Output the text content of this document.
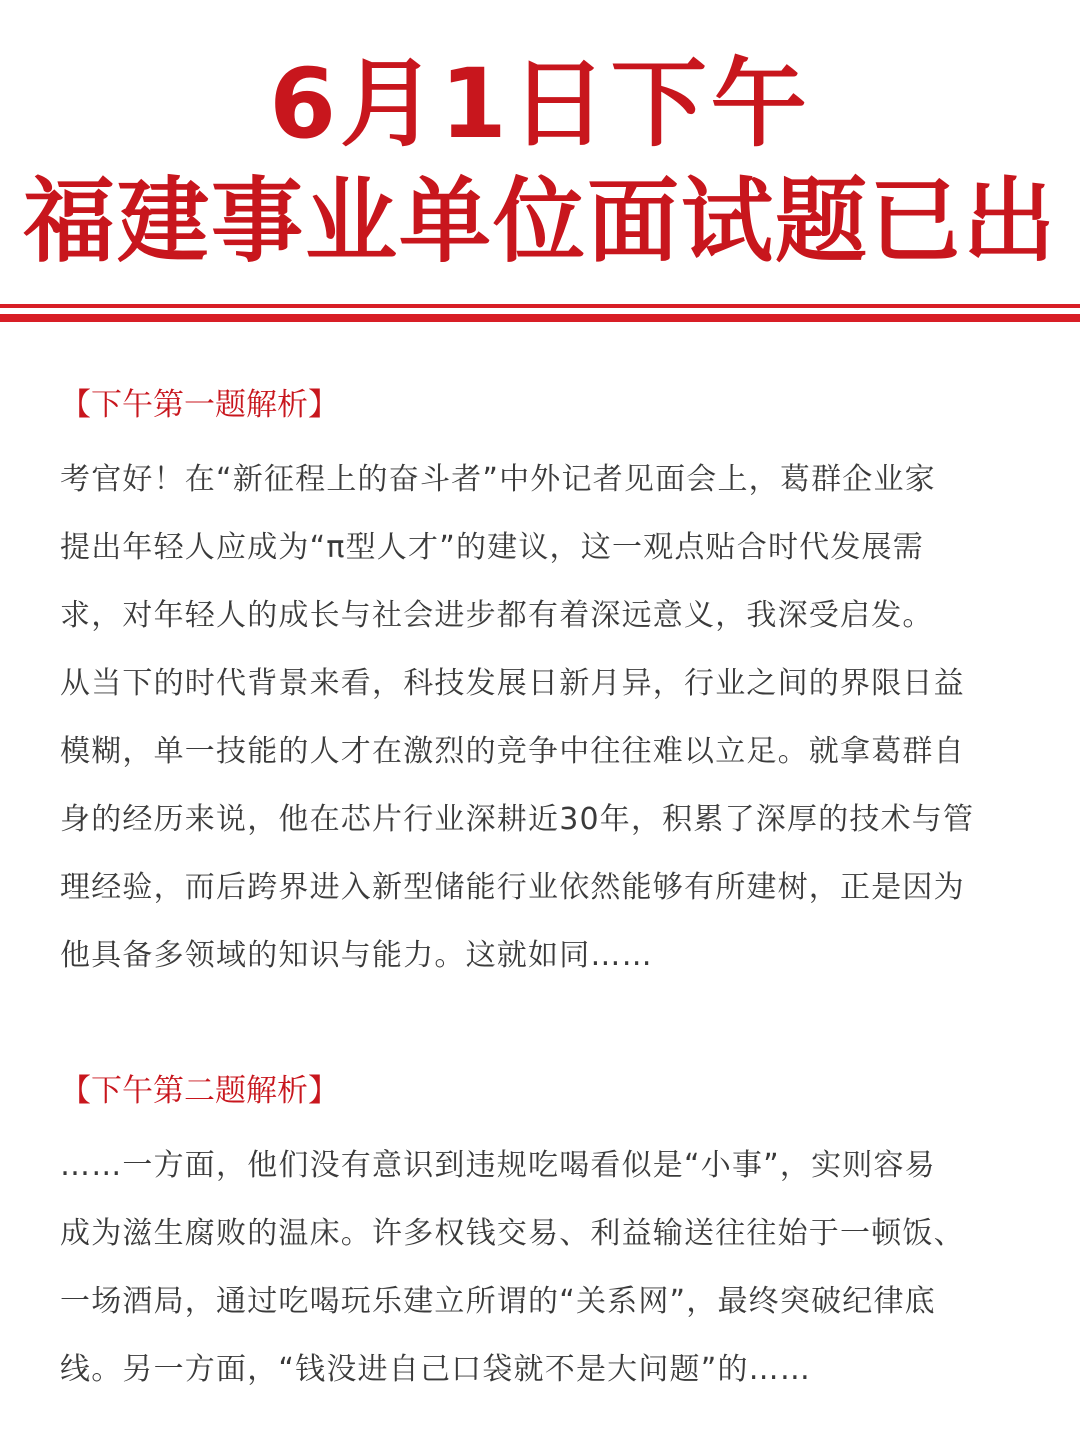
6月1日下午
福建事业单位面试题已出
【下午第一题解析】
考官好！在“新征程上的奋斗者”中外记者见面会上，葛群企业家
提出年轻人应成为“π型人才”的建议，这一观点贴合时代发展需
求，对年轻人的成长与社会进步都有着深远意义，我深受启发。
从当下的时代背景来看，科技发展日新月异，行业之间的界限日益
模糊，单一技能的人才在激烈的竞争中往往难以立足。就拿葛群自
身的经历来说，他在芯片行业深耕近30年，积累了深厚的技术与管
理经验，而后跨界进入新型储能行业依然能够有所建树，正是因为
他具备多领域的知识与能力。这就如同……
【下午第二题解析】
……一方面，他们没有意识到违规吃喝看似是“小事”，实则容易
成为滋生腐败的温床。许多权钱交易、利益输送往往始于一顿饭、
一场酒局，通过吃喝玩乐建立所谓的“关系网”，最终突破纪律底
线。另一方面，“钱没进自己口袋就不是大问题”的……
